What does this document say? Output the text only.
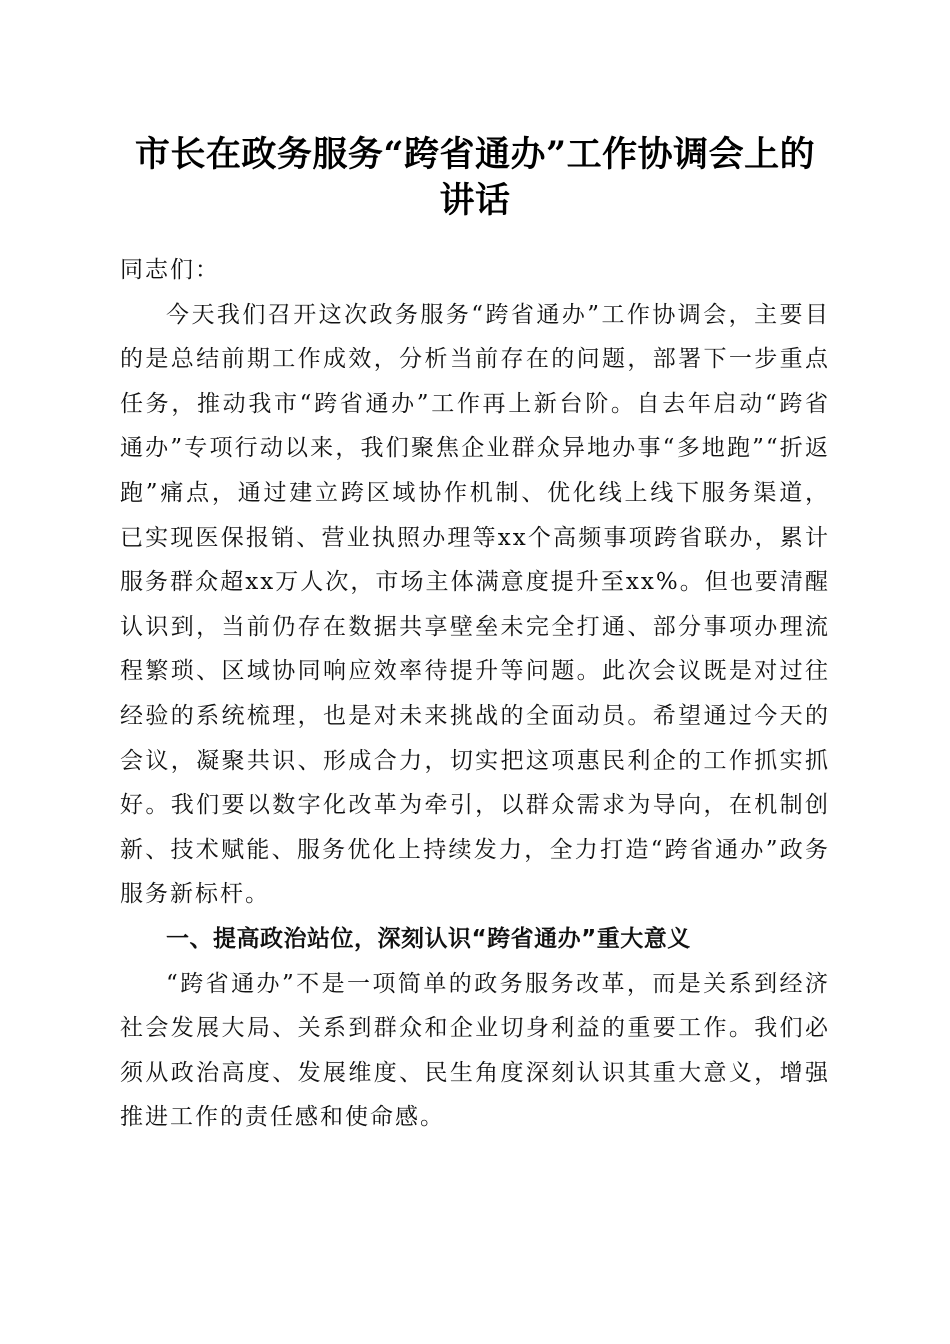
市长在政务服务“跨省通办”工作协调会上的
讲话

同志们：

今天我们召开这次政务服务“跨省通办”工作协调会，主要目的是总结前期工作成效，分析当前存在的问题，部署下一步重点任务，推动我市“跨省通办”工作再上新台阶。自去年启动“跨省通办”专项行动以来，我们聚焦企业群众异地办事“多地跑”“折返跑”痛点，通过建立跨区域协作机制、优化线上线下服务渠道，已实现医保报销、营业执照办理等xx个高频事项跨省联办，累计服务群众超xx万人次，市场主体满意度提升至xx%。但也要清醒认识到，当前仍存在数据共享壁垒未完全打通、部分事项办理流程繁琐、区域协同响应效率待提升等问题。此次会议既是对过往经验的系统梳理，也是对未来挑战的全面动员。希望通过今天的会议，凝聚共识、形成合力，切实把这项惠民利企的工作抓实抓好。我们要以数字化改革为牵引，以群众需求为导向，在机制创新、技术赋能、服务优化上持续发力，全力打造“跨省通办”政务服务新标杆。

一、提高政治站位，深刻认识“跨省通办”重大意义

“跨省通办”不是一项简单的政务服务改革，而是关系到经济社会发展大局、关系到群众和企业切身利益的重要工作。我们必须从政治高度、发展维度、民生角度深刻认识其重大意义，增强推进工作的责任感和使命感。
